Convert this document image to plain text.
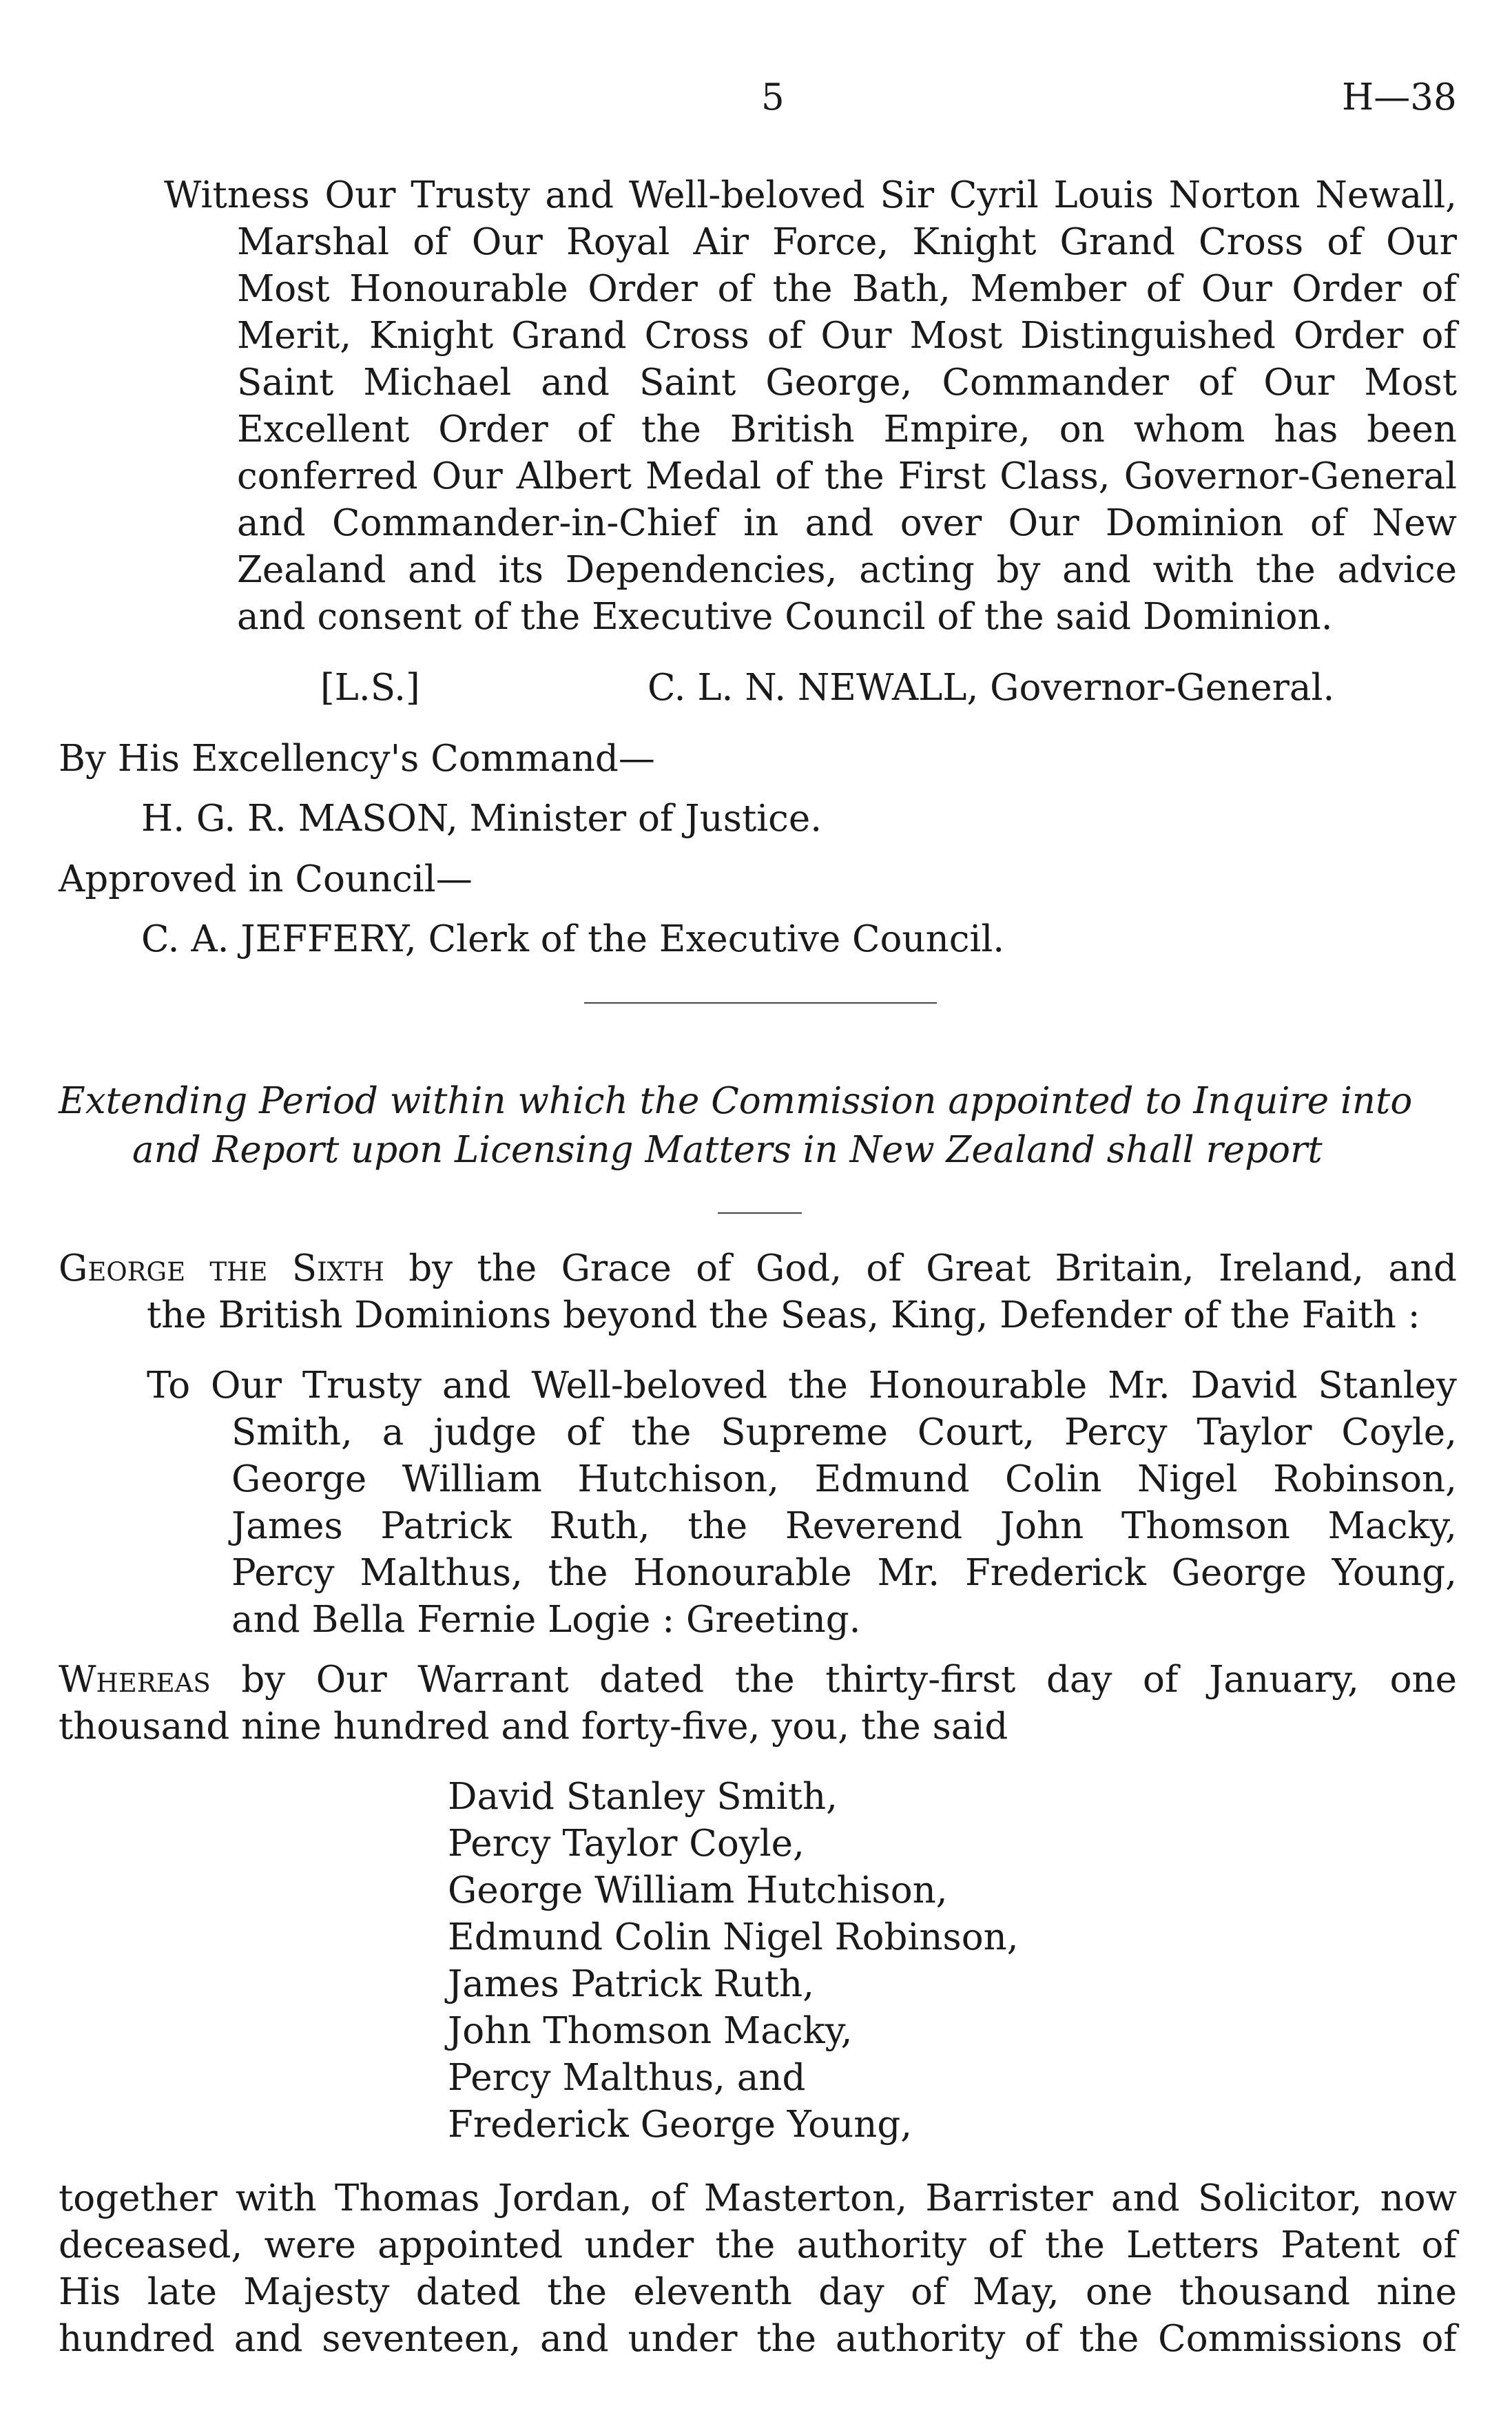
5	H—38
Witness Our Trusty and Well-beloved Sir Cyril Louis Norton Newall,
Marshal of Our Royal Air Force, Knight Grand Cross of Our
Most Honourable Order of the Bath, Member of Our Order of
Merit, Knight Grand Cross of Our Most Distinguished Order of
Saint Michael and Saint George, Commander of Our Most
Excellent Order of the British Empire, on whom has been
conferred Our Albert Medal of the First Class, Governor-General
and Commander-in-Chief in and over Our Dominion of New
Zealand and its Dependencies, acting by and with the advice
and consent of the Executive Council of the said Dominion.
[L.S.]	C. L. N. NEWALL, Governor-General.
By His Excellency's Command—
H. G. R. MASON, Minister of Justice.
Approved in Council—
C. A. JEFFERY, Clerk of the Executive Council.
Extending Period within which the Commission appointed to Inquire into
and Report upon Licensing Matters in New Zealand shall report
George the Sixth by the Grace of God, of Great Britain, Ireland, and
the British Dominions beyond the Seas, King, Defender of the Faith :
To Our Trusty and Well-beloved the Honourable Mr. David Stanley
Smith, a judge of the Supreme Court, Percy Taylor Coyle,
George William Hutchison, Edmund Colin Nigel Robinson,
James Patrick Ruth, the Reverend John Thomson Macky,
Percy Malthus, the Honourable Mr. Frederick George Young,
and Bella Fernie Logie : Greeting.
Whereas by Our Warrant dated the thirty-first day of January, one
thousand nine hundred and forty-five, you, the said
David Stanley Smith,
Percy Taylor Coyle,
George William Hutchison,
Edmund Colin Nigel Robinson,
James Patrick Ruth,
John Thomson Macky,
Percy Malthus, and
Frederick George Young,
together with Thomas Jordan, of Masterton, Barrister and Solicitor, now
deceased, were appointed under the authority of the Letters Patent of
His late Majesty dated the eleventh day of May, one thousand nine
hundred and seventeen, and under the authority of the Commissions of
